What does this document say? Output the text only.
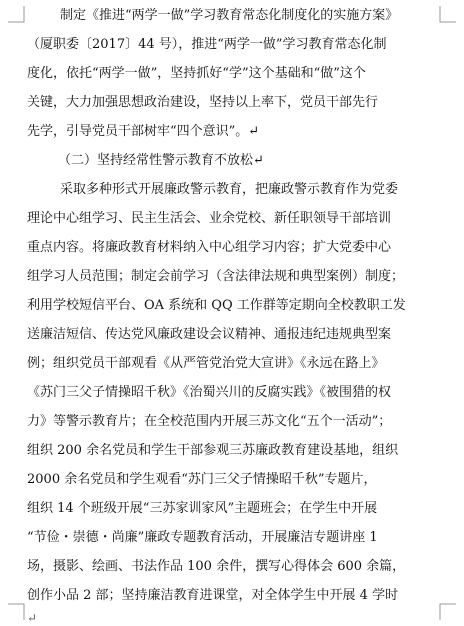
制定《推进“两学一做”学习教育常态化制度化的实施方案》
（厦职委〔2017〕44 号），推进“两学一做”学习教育常态化制
度化，依托“两学一做”，坚持抓好“学”这个基础和“做”这个
关键，大力加强思想政治建设，坚持以上率下，党员干部先行
先学，引导党员干部树牢“四个意识”。↵
（二）坚持经常性警示教育不放松↵
采取多种形式开展廉政警示教育，把廉政警示教育作为党委
理论中心组学习、民主生活会、业余党校、新任职领导干部培训
重点内容。将廉政教育材料纳入中心组学习内容；扩大党委中心
组学习人员范围；制定会前学习（含法律法规和典型案例）制度；
利用学校短信平台、OA 系统和 QQ 工作群等定期向全校教职工发
送廉洁短信、传达党风廉政建设会议精神、通报违纪违规典型案
例；组织党员干部观看《从严管党治党大宣讲》《永远在路上》
《苏门三父子情操昭千秋》《治蜀兴川的反腐实践》《被围猎的权
力》等警示教育片；在全校范围内开展三苏文化“五个一活动”；
组织 200 余名党员和学生干部参观三苏廉政教育建设基地，组织
2000 余名党员和学生观看“苏门三父子情操昭千秋”专题片，
组织 14 个班级开展“三苏家训家风”主题班会；在学生中开展
“节俭・崇德・尚廉”廉政专题教育活动，开展廉洁专题讲座 1
场，摄影、绘画、书法作品 100 余件，撰写心得体会 600 余篇，
创作小品 2 部；坚持廉洁教育进课堂，对全体学生中开展 4 学时
↵
